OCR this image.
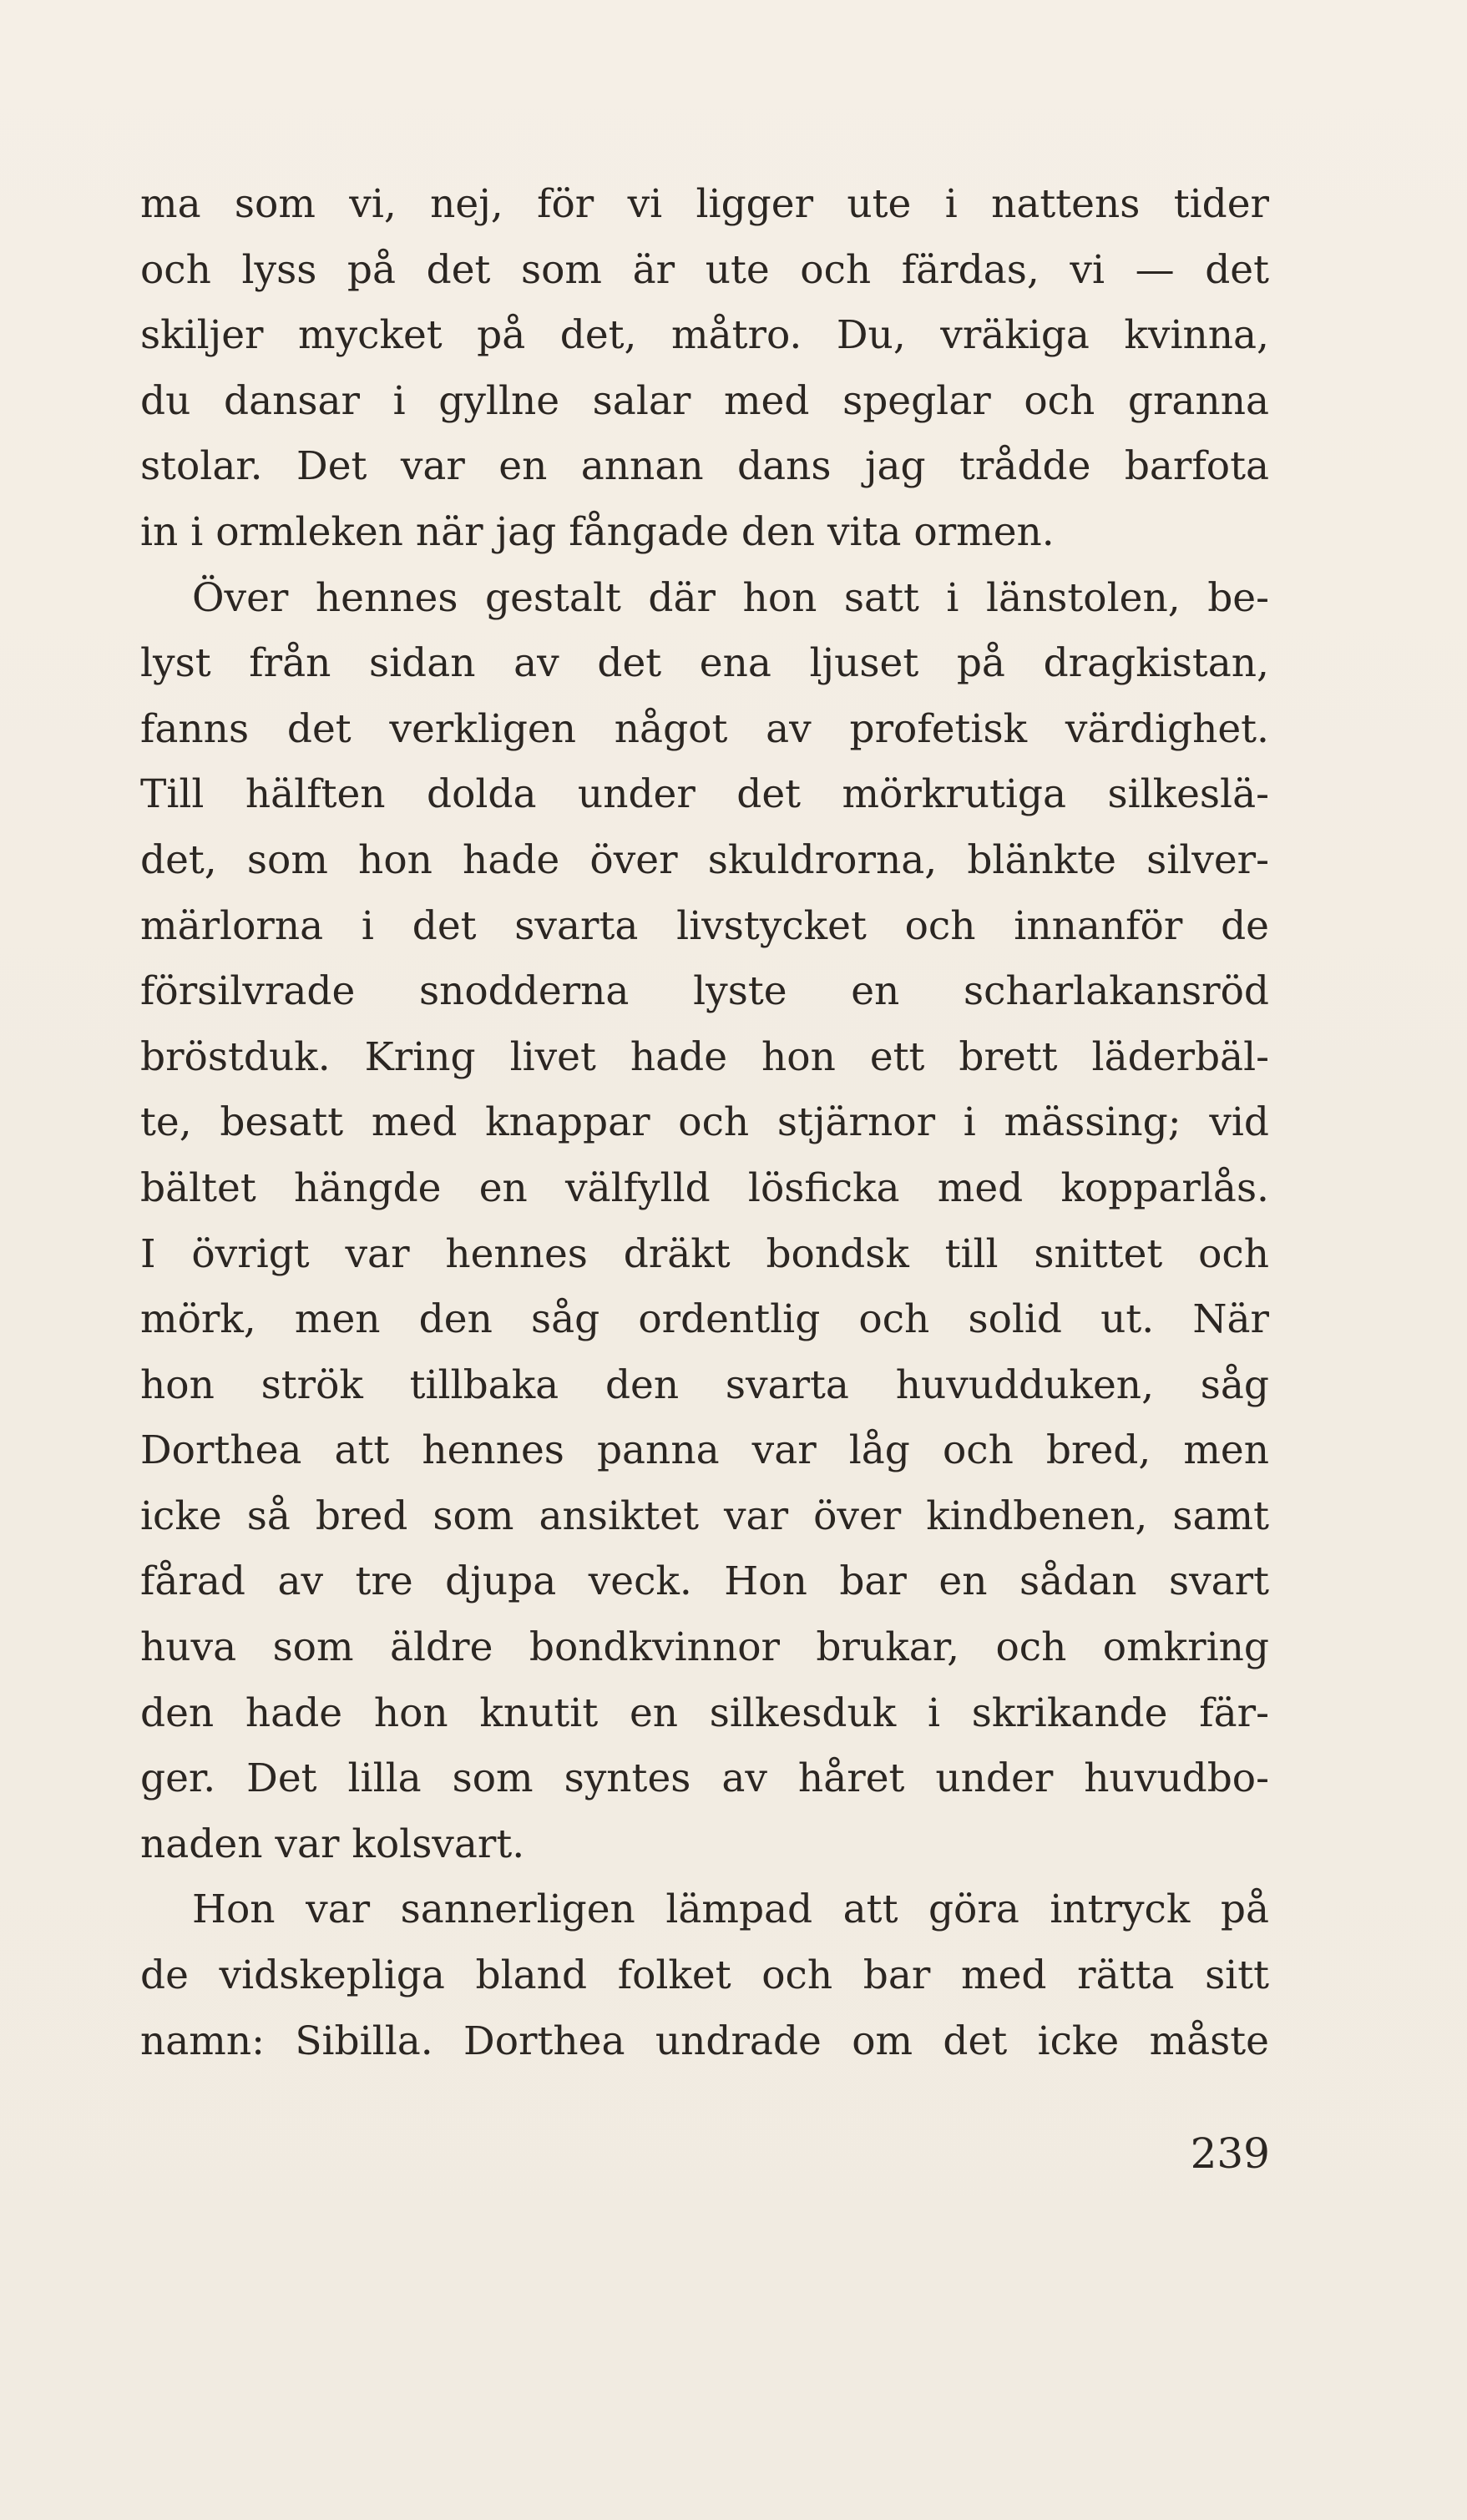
ma som vi, nej, för vi ligger ute i nattens tider
och lyss på det som är ute och färdas, vi — det
skiljer mycket på det, måtro. Du, vräkiga kvinna,
du dansar i gyllne salar med speglar och granna
stolar. Det var en annan dans jag trådde barfota
in i ormleken när jag fångade den vita ormen.
Över hennes gestalt där hon satt i länstolen, be-
lyst från sidan av det ena ljuset på dragkistan,
fanns det verkligen något av profetisk värdighet.
Till hälften dolda under det mörkrutiga silkeslä-
det, som hon hade över skuldrorna, blänkte silver-
märlorna i det svarta livstycket och innanför de
försilvrade snodderna lyste en scharlakansröd
bröstduk. Kring livet hade hon ett brett läderbäl-
te, besatt med knappar och stjärnor i mässing; vid
bältet hängde en välfylld lösficka med kopparlås.
I övrigt var hennes dräkt bondsk till snittet och
mörk, men den såg ordentlig och solid ut. När
hon strök tillbaka den svarta huvudduken, såg
Dorthea att hennes panna var låg och bred, men
icke så bred som ansiktet var över kindbenen, samt
fårad av tre djupa veck. Hon bar en sådan svart
huva som äldre bondkvinnor brukar, och omkring
den hade hon knutit en silkesduk i skrikande fär-
ger. Det lilla som syntes av håret under huvudbo-
naden var kolsvart.
Hon var sannerligen lämpad att göra intryck på
de vidskepliga bland folket och bar med rätta sitt
namn: Sibilla. Dorthea undrade om det icke måste
239
